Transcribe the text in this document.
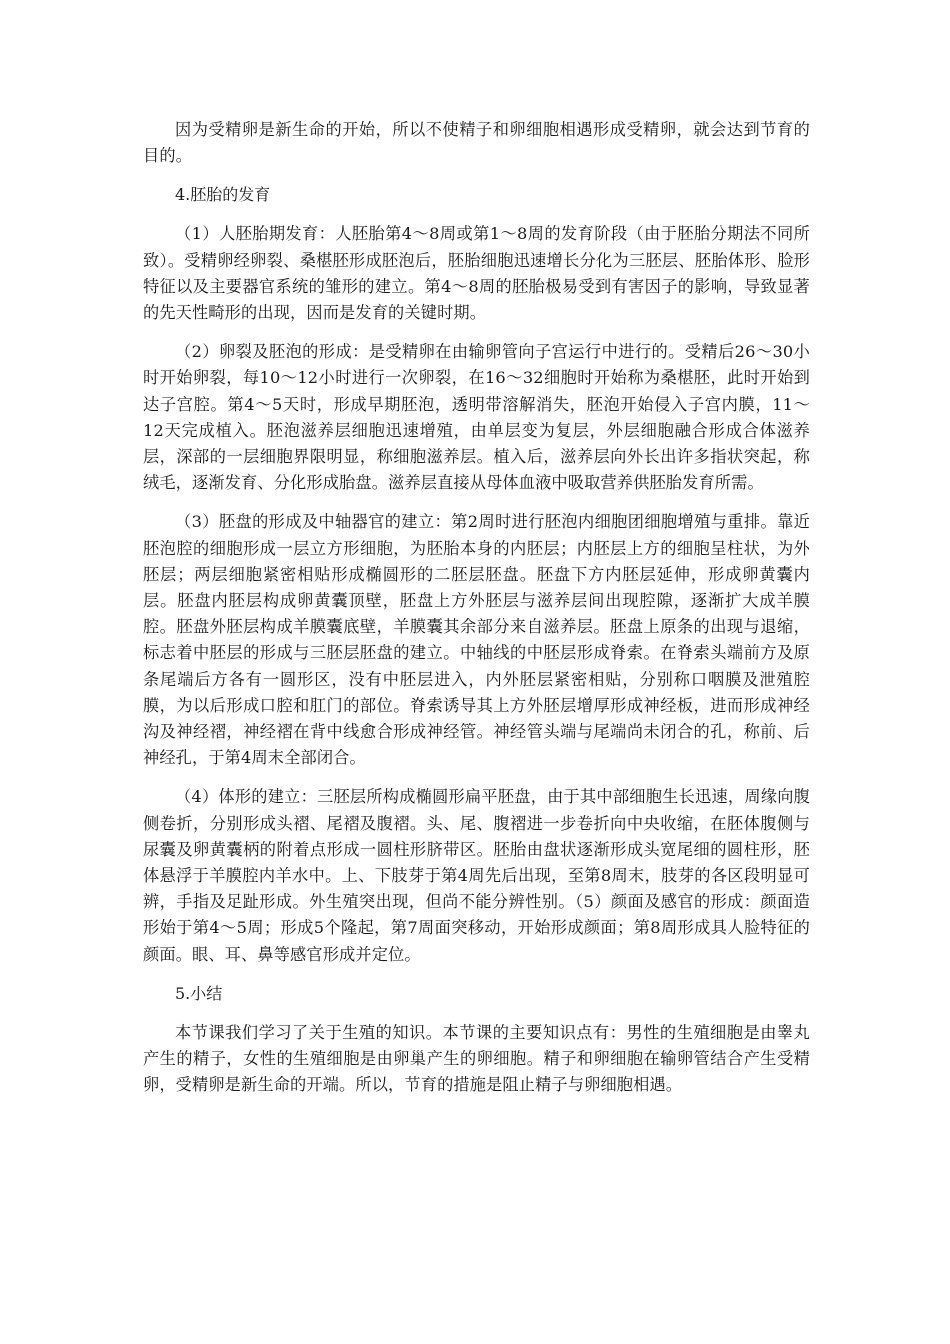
因为受精卵是新生命的开始，所以不使精子和卵细胞相遇形成受精卵，就会达到节育的目的。

4.胚胎的发育

（1）人胚胎期发育：人胚胎第4～8周或第1～8周的发育阶段（由于胚胎分期法不同所致）。受精卵经卵裂、桑椹胚形成胚泡后，胚胎细胞迅速增长分化为三胚层、胚胎体形、脸形特征以及主要器官系统的雏形的建立。第4～8周的胚胎极易受到有害因子的影响，导致显著的先天性畸形的出现，因而是发育的关键时期。

（2）卵裂及胚泡的形成：是受精卵在由输卵管向子宫运行中进行的。受精后26～30小时开始卵裂，每10～12小时进行一次卵裂，在16～32细胞时开始称为桑椹胚，此时开始到达子宫腔。第4～5天时，形成早期胚泡，透明带溶解消失，胚泡开始侵入子宫内膜，11～12天完成植入。胚泡滋养层细胞迅速增殖，由单层变为复层，外层细胞融合形成合体滋养层，深部的一层细胞界限明显，称细胞滋养层。植入后，滋养层向外长出许多指状突起，称绒毛，逐渐发育、分化形成胎盘。滋养层直接从母体血液中吸取营养供胚胎发育所需。

（3）胚盘的形成及中轴器官的建立：第2周时进行胚泡内细胞团细胞增殖与重排。靠近胚泡腔的细胞形成一层立方形细胞，为胚胎本身的内胚层；内胚层上方的细胞呈柱状，为外胚层；两层细胞紧密相贴形成椭圆形的二胚层胚盘。胚盘下方内胚层延伸，形成卵黄囊内层。胚盘内胚层构成卵黄囊顶壁，胚盘上方外胚层与滋养层间出现腔隙，逐渐扩大成羊膜腔。胚盘外胚层构成羊膜囊底壁，羊膜囊其余部分来自滋养层。胚盘上原条的出现与退缩，标志着中胚层的形成与三胚层胚盘的建立。中轴线的中胚层形成脊索。在脊索头端前方及原条尾端后方各有一圆形区，没有中胚层进入，内外胚层紧密相贴，分别称口咽膜及泄殖腔膜，为以后形成口腔和肛门的部位。脊索诱导其上方外胚层增厚形成神经板，进而形成神经沟及神经褶，神经褶在背中线愈合形成神经管。神经管头端与尾端尚未闭合的孔，称前、后神经孔，于第4周末全部闭合。

（4）体形的建立：三胚层所构成椭圆形扁平胚盘，由于其中部细胞生长迅速，周缘向腹侧卷折，分别形成头褶、尾褶及腹褶。头、尾、腹褶进一步卷折向中央收缩，在胚体腹侧与尿囊及卵黄囊柄的附着点形成一圆柱形脐带区。胚胎由盘状逐渐形成头宽尾细的圆柱形，胚体悬浮于羊膜腔内羊水中。上、下肢芽于第4周先后出现，至第8周末，肢芽的各区段明显可辨，手指及足趾形成。外生殖突出现，但尚不能分辨性别。（5）颜面及感官的形成：颜面造形始于第4～5周；形成5个隆起，第7周面突移动，开始形成颜面；第8周形成具人脸特征的颜面。眼、耳、鼻等感官形成并定位。

5.小结

本节课我们学习了关于生殖的知识。本节课的主要知识点有：男性的生殖细胞是由睾丸产生的精子，女性的生殖细胞是由卵巢产生的卵细胞。精子和卵细胞在输卵管结合产生受精卵，受精卵是新生命的开端。所以，节育的措施是阻止精子与卵细胞相遇。
